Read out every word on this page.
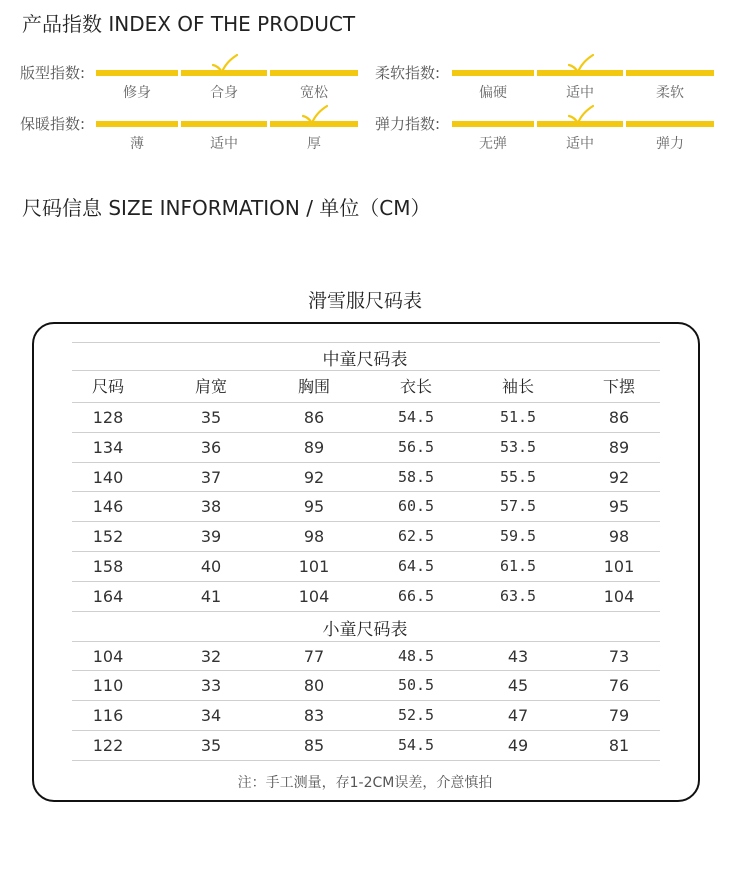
产品指数 INDEX OF THE PRODUCT
版型指数:
修身	合身	宽松
柔软指数:
偏硬	适中	柔软
保暖指数:
薄	适中	厚
弹力指数:
无弹	适中	弹力
尺码信息 SIZE INFORMATION / 单位（CM）
滑雪服尺码表
中童尺码表
尺码	肩宽	胸围	衣长	袖长	下摆
128	35	86	54.5	51.5	86
134	36	89	56.5	53.5	89
140	37	92	58.5	55.5	92
146	38	95	60.5	57.5	95
152	39	98	62.5	59.5	98
158	40	101	64.5	61.5	101
164	41	104	66.5	63.5	104
小童尺码表
104	32	77	48.5	43	73
110	33	80	50.5	45	76
116	34	83	52.5	47	79
122	35	85	54.5	49	81
注：手工测量，存1-2CM误差，介意慎拍
